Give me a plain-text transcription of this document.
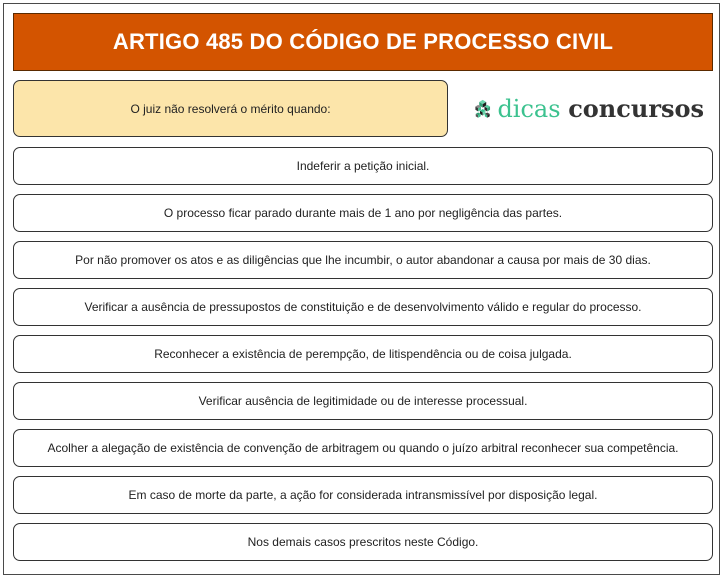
ARTIGO 485 DO CÓDIGO DE PROCESSO CIVIL
O juiz não resolverá o mérito quando:	dicas concursos
Indeferir a petição inicial.
O processo ficar parado durante mais de 1 ano por negligência das partes.
Por não promover os atos e as diligências que lhe incumbir, o autor abandonar a causa por mais de 30 dias.
Verificar a ausência de pressupostos de constituição e de desenvolvimento válido e regular do processo.
Reconhecer a existência de perempção, de litispendência ou de coisa julgada.
Verificar ausência de legitimidade ou de interesse processual.
Acolher a alegação de existência de convenção de arbitragem ou quando o juízo arbitral reconhecer sua competência.
Em caso de morte da parte, a ação for considerada intransmissível por disposição legal.
Nos demais casos prescritos neste Código.
